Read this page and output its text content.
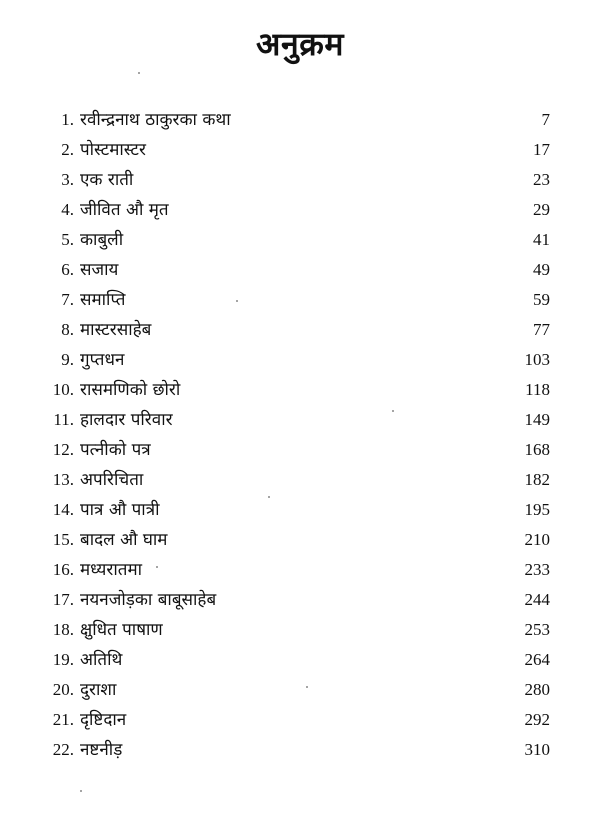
अनुक्रम
1. रवीन्द्रनाथ ठाकुरका कथा	7
2. पोस्टमास्टर	17
3. एक राती	23
4. जीवित औ मृत	29
5. काबुली	41
6. सजाय	49
7. समाप्ति	59
8. मास्टरसाहेब	77
9. गुप्तधन	103
10. रासमणिको छोरो	118
11. हालदार परिवार	149
12. पत्नीको पत्र	168
13. अपरिचिता	182
14. पात्र औ पात्री	195
15. बादल औ घाम	210
16. मध्यरातमा	233
17. नयनजोड़का बाबूसाहेब	244
18. क्षुधित पाषाण	253
19. अतिथि	264
20. दुराशा	280
21. दृष्टिदान	292
22. नष्टनीड़	310
